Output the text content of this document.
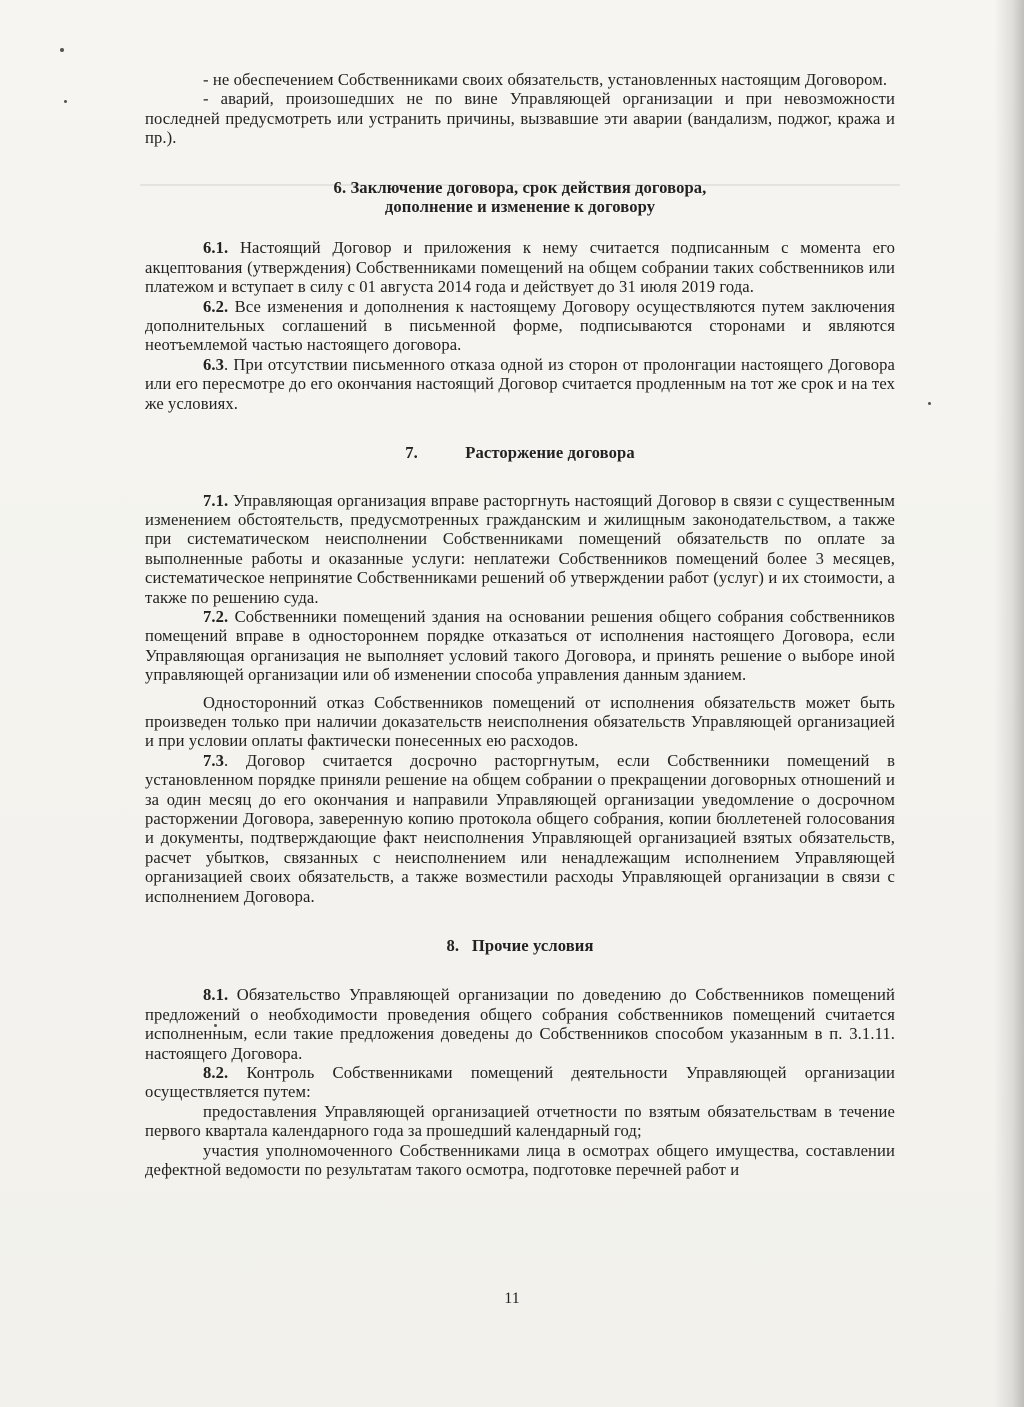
- не обеспечением Собственниками своих обязательств, установленных настоящим Договором.

- аварий, произошедших не по вине Управляющей организации и при невозможности последней предусмотреть или устранить причины, вызвавшие эти аварии (вандализм, поджог, кража и пр.).

6. Заключение договора, срок действия договора,
дополнение и изменение к договору

6.1. Настоящий Договор и приложения к нему считается подписанным с момента его акцептования (утверждения) Собственниками помещений на общем собрании таких собственников или платежом и вступает в силу с 01 августа 2014 года и действует до 31 июля 2019 года.

6.2. Все изменения и дополнения к настоящему Договору осуществляются путем заключения дополнительных соглашений в письменной форме, подписываются сторонами и являются неотъемлемой частью настоящего договора.

6.3. При отсутствии письменного отказа одной из сторон от пролонгации настоящего Договора или его пересмотре до его окончания настоящий Договор считается продленным на тот же срок и на тех же условиях.

7.	Расторжение договора

7.1. Управляющая организация вправе расторгнуть настоящий Договор в связи с существенным изменением обстоятельств, предусмотренных гражданским и жилищным законодательством, а также при систематическом неисполнении Собственниками помещений обязательств по оплате за выполненные работы и оказанные услуги: неплатежи Собственников помещений более 3 месяцев, систематическое непринятие Собственниками решений об утверждении работ (услуг) и их стоимости, а также по решению суда.

7.2. Собственники помещений здания на основании решения общего собрания собственников помещений вправе в одностороннем порядке отказаться от исполнения настоящего Договора, если Управляющая организация не выполняет условий такого Договора, и принять решение о выборе иной управляющей организации или об изменении способа управления данным зданием.

Односторонний отказ Собственников помещений от исполнения обязательств может быть произведен только при наличии доказательств неисполнения обязательств Управляющей организацией и при условии оплаты фактически понесенных ею расходов.

7.3. Договор считается досрочно расторгнутым, если Собственники помещений в установленном порядке приняли решение на общем собрании о прекращении договорных отношений и за один месяц до его окончания и направили Управляющей организации уведомление о досрочном расторжении Договора, заверенную копию протокола общего собрания, копии бюллетеней голосования и документы, подтверждающие факт неисполнения Управляющей организацией взятых обязательств, расчет убытков, связанных с неисполнением или ненадлежащим исполнением Управляющей организацией своих обязательств, а также возместили расходы Управляющей организации в связи с исполнением Договора.

8.   Прочие условия

8.1. Обязательство Управляющей организации по доведению до Собственников помещений предложений о необходимости проведения общего собрания собственников помещений считается исполненным, если такие предложения доведены до Собственников способом указанным в п. 3.1.11. настоящего Договора.

8.2. Контроль Собственниками помещений деятельности Управляющей организации осуществляется путем:

предоставления Управляющей организацией отчетности по взятым обязательствам в течение первого квартала календарного года за прошедший календарный год;

участия уполномоченного Собственниками лица в осмотрах общего имущества, составлении дефектной ведомости по результатам такого осмотра, подготовке перечней работ и

11
